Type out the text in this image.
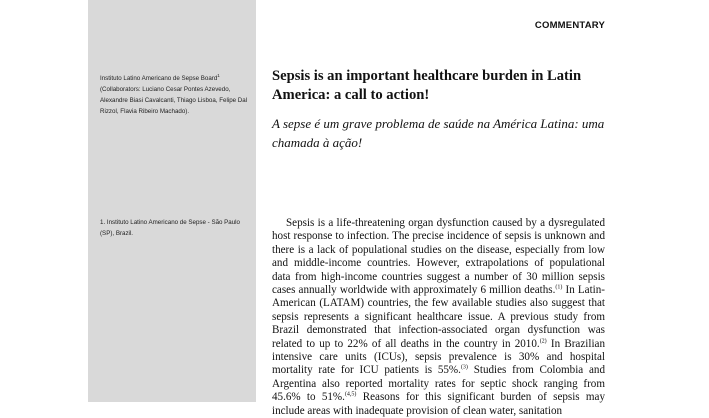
COMMENTARY
Instituto Latino Americano de Sepse Board$^1$
(Collaborators: Luciano Cesar Pontes Azevedo, Alexandre Biasi Cavalcanti, Thiago Lisboa, Felipe Dal Rizzol, Flavia Ribeiro Machado).
1. Instituto Latino Americano de Sepse - São Paulo (SP), Brazil.
Sepsis is an important healthcare burden in Latin America: a call to action!
A sepse é um grave problema de saúde na América Latina: uma chamada à ação!

Sepsis is a life-threatening organ dysfunction caused by a dysregulated host response to infection. The precise incidence of sepsis is unknown and there is a lack of populational studies on the disease, especially from low and middle-income countries. However, extrapolations of populational data from high-income countries suggest a number of 30 million sepsis cases annually worldwide with approximately 6 million deaths.$^{(1)}$ In Latin-American (LATAM) countries, the few available studies also suggest that sepsis represents a significant healthcare issue. A previous study from Brazil demonstrated that infection-associated organ dysfunction was related to up to 22% of all deaths in the country in 2010.$^{(2)}$ In Brazilian intensive care units (ICUs), sepsis prevalence is 30% and hospital mortality rate for ICU patients is 55%.$^{(3)}$ Studies from Colombia and Argentina also reported mortality rates for septic shock ranging from 45.6% to 51%.$^{(4,5)}$ Reasons for this significant burden of sepsis may include areas with inadequate provision of clean water, sanitation
